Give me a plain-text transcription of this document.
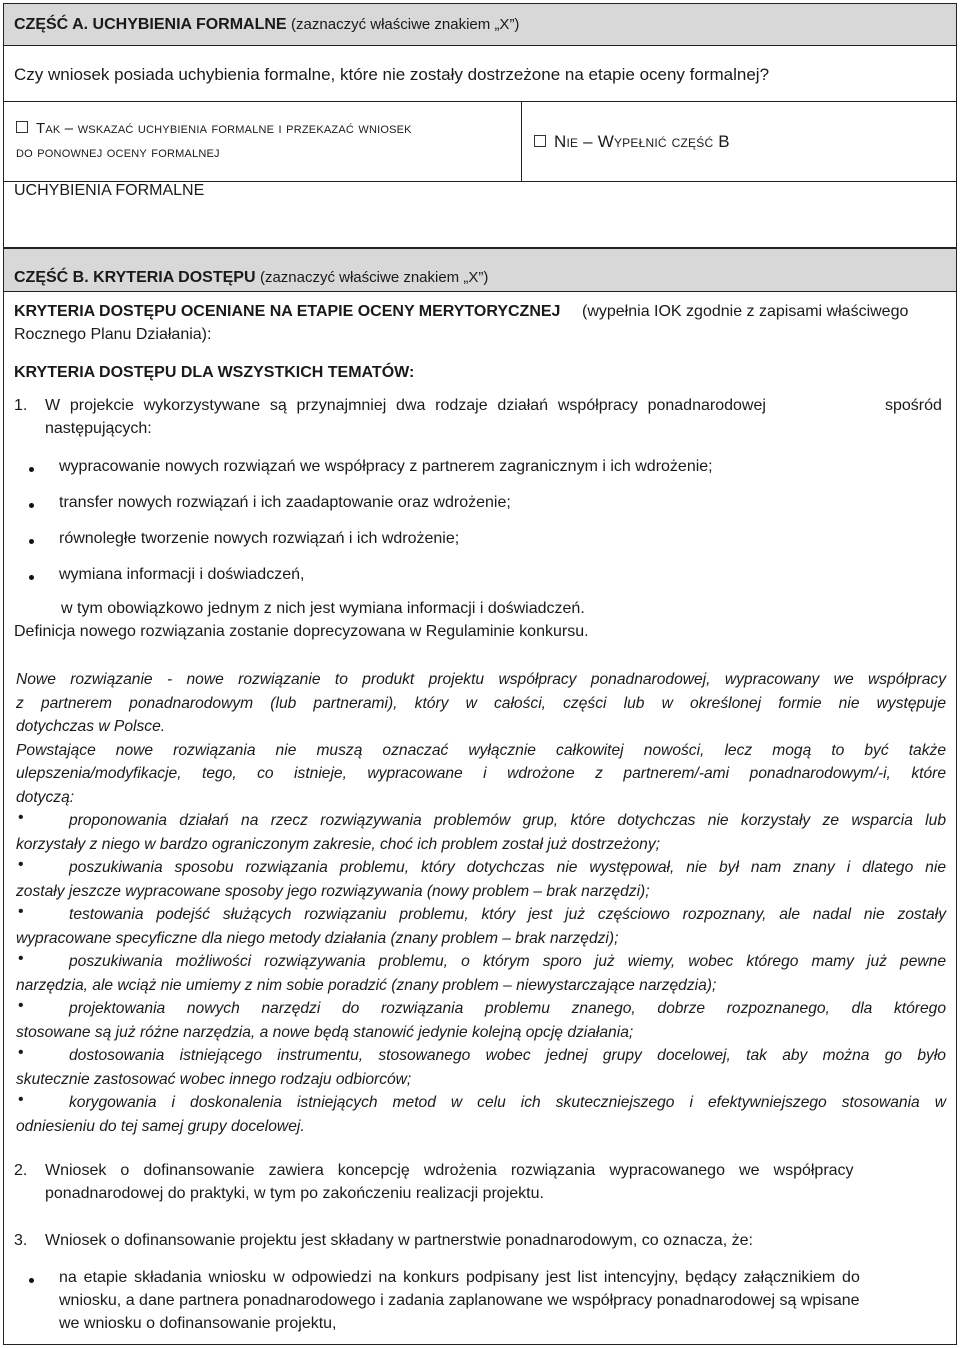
CZĘŚĆ A. UCHYBIENIA FORMALNE (zaznaczyć właściwe znakiem „X”)
Czy wniosek posiada uchybienia formalne, które nie zostały dostrzeżone na etapie oceny formalnej?
Tak – wskazać uchybienia formalne i przekazać wniosek
do ponownej oceny formalnej
Nie – Wypełnić część B
UCHYBIENIA FORMALNE
CZĘŚĆ B. KRYTERIA DOSTĘPU (zaznaczyć właściwe znakiem „X”)
KRYTERIA DOSTĘPU OCENIANE NA ETAPIE OCENY MERYTORYCZNEJ (wypełnia IOK zgodnie z zapisami właściwego
Rocznego Planu Działania):
KRYTERIA DOSTĘPU DLA WSZYSTKICH TEMATÓW:
1. W projekcie wykorzystywane są przynajmniej dwa rodzaje działań współpracy ponadnarodowej	spośród
następujących:
wypracowanie nowych rozwiązań we współpracy z partnerem zagranicznym i ich wdrożenie;
transfer nowych rozwiązań i ich zaadaptowanie oraz wdrożenie;
równoległe tworzenie nowych rozwiązań i ich wdrożenie;
wymiana informacji i doświadczeń,
w tym obowiązkowo jednym z nich jest wymiana informacji i doświadczeń.
Definicja nowego rozwiązania zostanie doprecyzowana w Regulaminie konkursu.
Nowe rozwiązanie - nowe rozwiązanie to produkt projektu współpracy ponadnarodowej, wypracowany we współpracy
z partnerem ponadnarodowym (lub partnerami), który w całości, części lub w określonej formie nie występuje
dotychczas w Polsce.
Powstające nowe rozwiązania nie muszą oznaczać wyłącznie całkowitej nowości, lecz mogą to być także
ulepszenia/modyfikacje, tego, co istnieje, wypracowane i wdrożone z partnerem/-ami ponadnarodowym/-i, które
dotyczą:
proponowania działań na rzecz rozwiązywania problemów grup, które dotychczas nie korzystały ze wsparcia lub
korzystały z niego w bardzo ograniczonym zakresie, choć ich problem został już dostrzeżony;
poszukiwania sposobu rozwiązania problemu, który dotychczas nie występował, nie był nam znany i dlatego nie
zostały jeszcze wypracowane sposoby jego rozwiązywania (nowy problem – brak narzędzi);
testowania podejść służących rozwiązaniu problemu, który jest już częściowo rozpoznany, ale nadal nie zostały
wypracowane specyficzne dla niego metody działania (znany problem – brak narzędzi);
poszukiwania możliwości rozwiązywania problemu, o którym sporo już wiemy, wobec którego mamy już pewne
narzędzia, ale wciąż nie umiemy z nim sobie poradzić (znany problem – niewystarczające narzędzia);
projektowania nowych narzędzi do rozwiązania problemu znanego, dobrze rozpoznanego, dla którego
stosowane są już różne narzędzia, a nowe będą stanowić jedynie kolejną opcję działania;
dostosowania istniejącego instrumentu, stosowanego wobec jednej grupy docelowej, tak aby można go było
skutecznie zastosować wobec innego rodzaju odbiorców;
korygowania i doskonalenia istniejących metod w celu ich skuteczniejszego i efektywniejszego stosowania w
odniesieniu do tej samej grupy docelowej.
•
•
•
•
•
•
•
2. Wniosek o dofinansowanie zawiera koncepcję wdrożenia rozwiązania wypracowanego we współpracy
ponadnarodowej do praktyki, w tym po zakończeniu realizacji projektu.
3. Wniosek o dofinansowanie projektu jest składany w partnerstwie ponadnarodowym, co oznacza, że:
na etapie składania wniosku w odpowiedzi na konkurs podpisany jest list intencyjny, będący załącznikiem do
wniosku, a dane partnera ponadnarodowego i zadania zaplanowane we współpracy ponadnarodowej są wpisane
we wniosku o dofinansowanie projektu,
